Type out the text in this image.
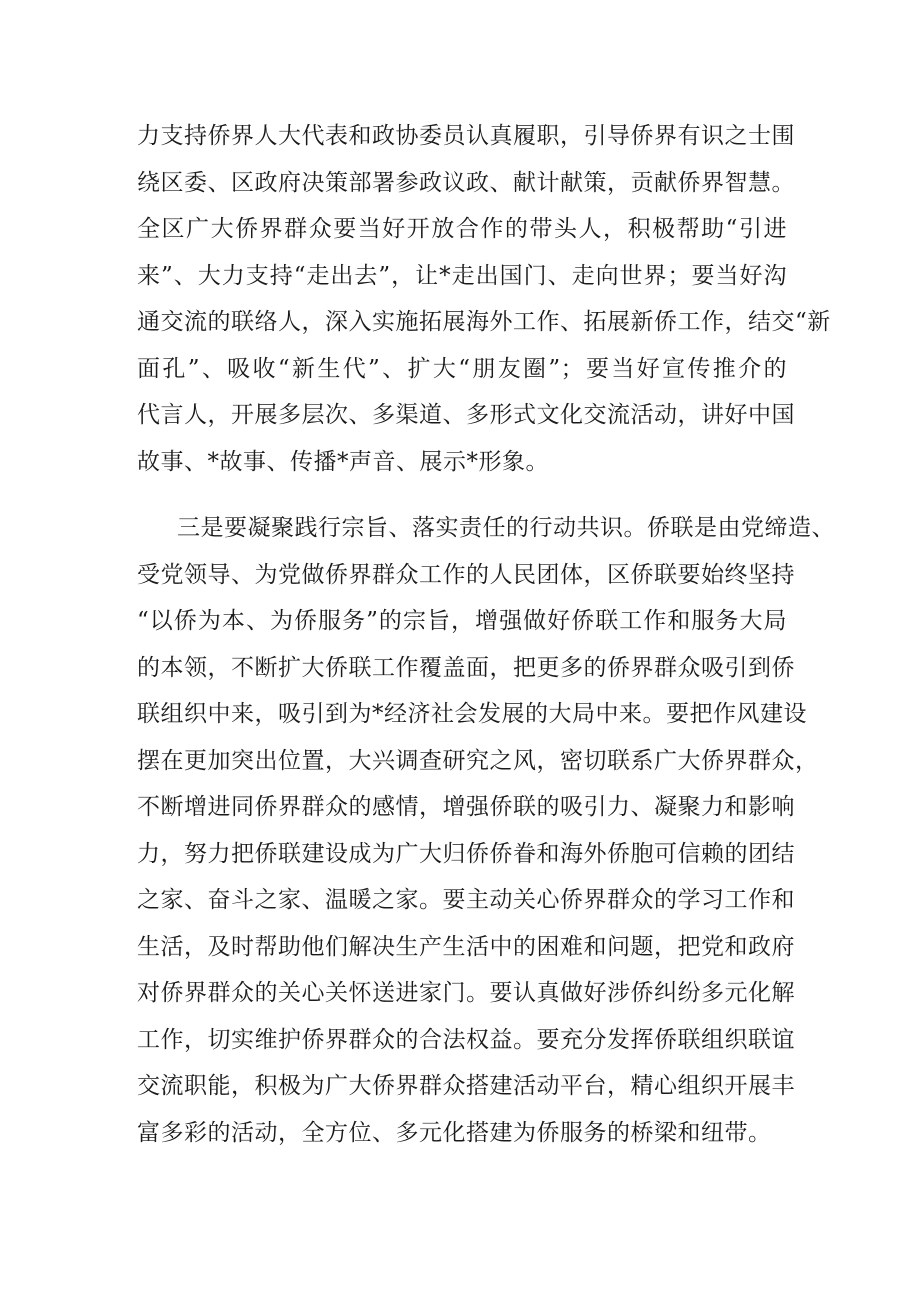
力支持侨界人大代表和政协委员认真履职，引导侨界有识之士围
绕区委、区政府决策部署参政议政、献计献策，贡献侨界智慧。
全区广大侨界群众要当好开放合作的带头人，积极帮助“引进
来”、大力支持“走出去”，让*走出国门、走向世界；要当好沟
通交流的联络人，深入实施拓展海外工作、拓展新侨工作，结交“新
面孔”、吸收“新生代”、扩大“朋友圈”；要当好宣传推介的
代言人，开展多层次、多渠道、多形式文化交流活动，讲好中国
故事、*故事、传播*声音、展示*形象。
三是要凝聚践行宗旨、落实责任的行动共识。侨联是由党缔造、
受党领导、为党做侨界群众工作的人民团体，区侨联要始终坚持
“以侨为本、为侨服务”的宗旨，增强做好侨联工作和服务大局
的本领，不断扩大侨联工作覆盖面，把更多的侨界群众吸引到侨
联组织中来，吸引到为*经济社会发展的大局中来。要把作风建设
摆在更加突出位置，大兴调查研究之风，密切联系广大侨界群众，
不断增进同侨界群众的感情，增强侨联的吸引力、凝聚力和影响
力，努力把侨联建设成为广大归侨侨眷和海外侨胞可信赖的团结
之家、奋斗之家、温暖之家。要主动关心侨界群众的学习工作和
生活，及时帮助他们解决生产生活中的困难和问题，把党和政府
对侨界群众的关心关怀送进家门。要认真做好涉侨纠纷多元化解
工作，切实维护侨界群众的合法权益。要充分发挥侨联组织联谊
交流职能，积极为广大侨界群众搭建活动平台，精心组织开展丰
富多彩的活动，全方位、多元化搭建为侨服务的桥梁和纽带。
